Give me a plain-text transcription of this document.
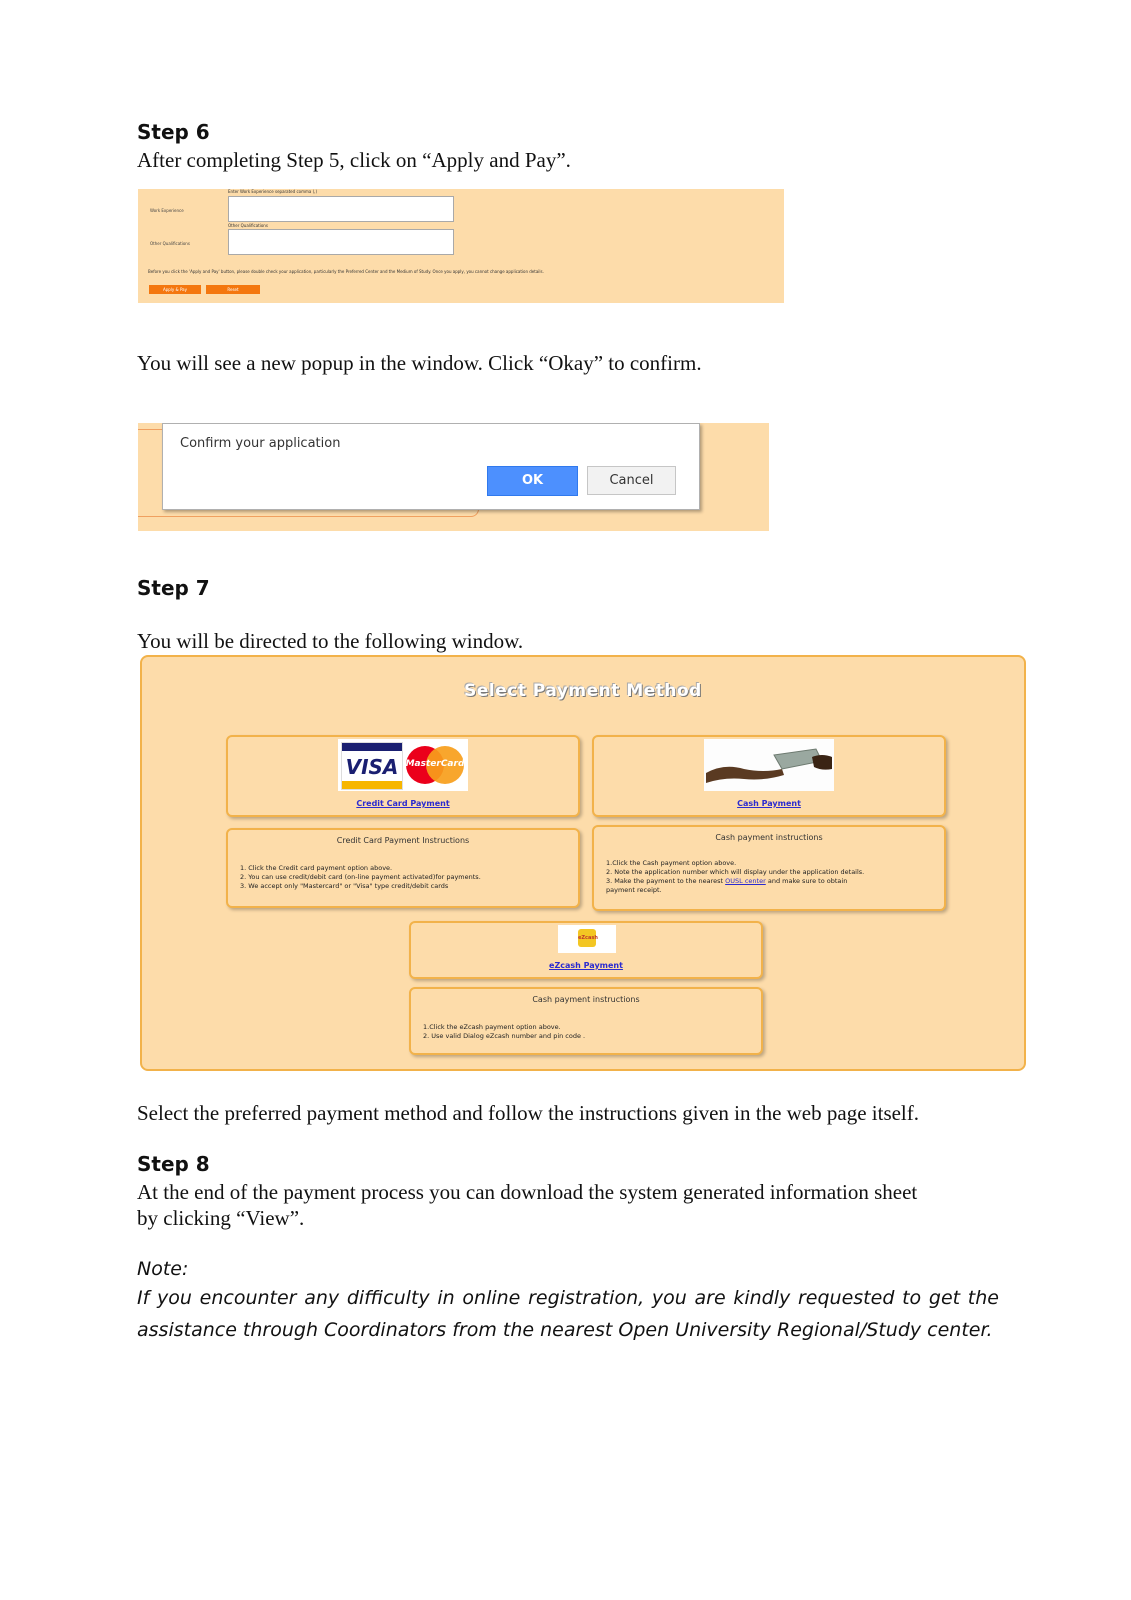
Step 6
After completing Step 5, click on “Apply and Pay”.
Enter Work Experience separated comma (,)
Work Experience
Other Qualifications
Other Qualifications
Before you click the 'Apply and Pay' button, please double check your application, particularly the Preferred Center and the Medium of Study. Once you apply, you cannot change application details.
Apply & Pay	Reset
You will see a new popup in the window. Click “Okay” to confirm.
Confirm your application
OK	Cancel
Step 7
You will be directed to the following window.
Select Payment Method
VISA MasterCard
Credit Card Payment	Cash Payment
Credit Card Payment Instructions
1. Click the Credit card payment option above.
2. You can use credit/debit card (on-line payment activated)for payments.
3. We accept only "Mastercard" or "Visa" type credit/debit cards
Cash payment instructions
1.Click the Cash payment option above.
2. Note the application number which will display under the application details.
3. Make the payment to the nearest OUSL center and make sure to obtain
payment receipt.
eZcash
eZcash Payment
Cash payment instructions
1.Click the eZcash payment option above.
2. Use valid Dialog eZcash number and pin code .
Select the preferred payment method and follow the instructions given in the web page itself.
Step 8
At the end of the payment process you can download the system generated information sheet
by clicking “View”.
Note:
If you encounter any difficulty in online registration, you are kindly requested to get the
assistance through Coordinators from the nearest Open University Regional/Study center.
